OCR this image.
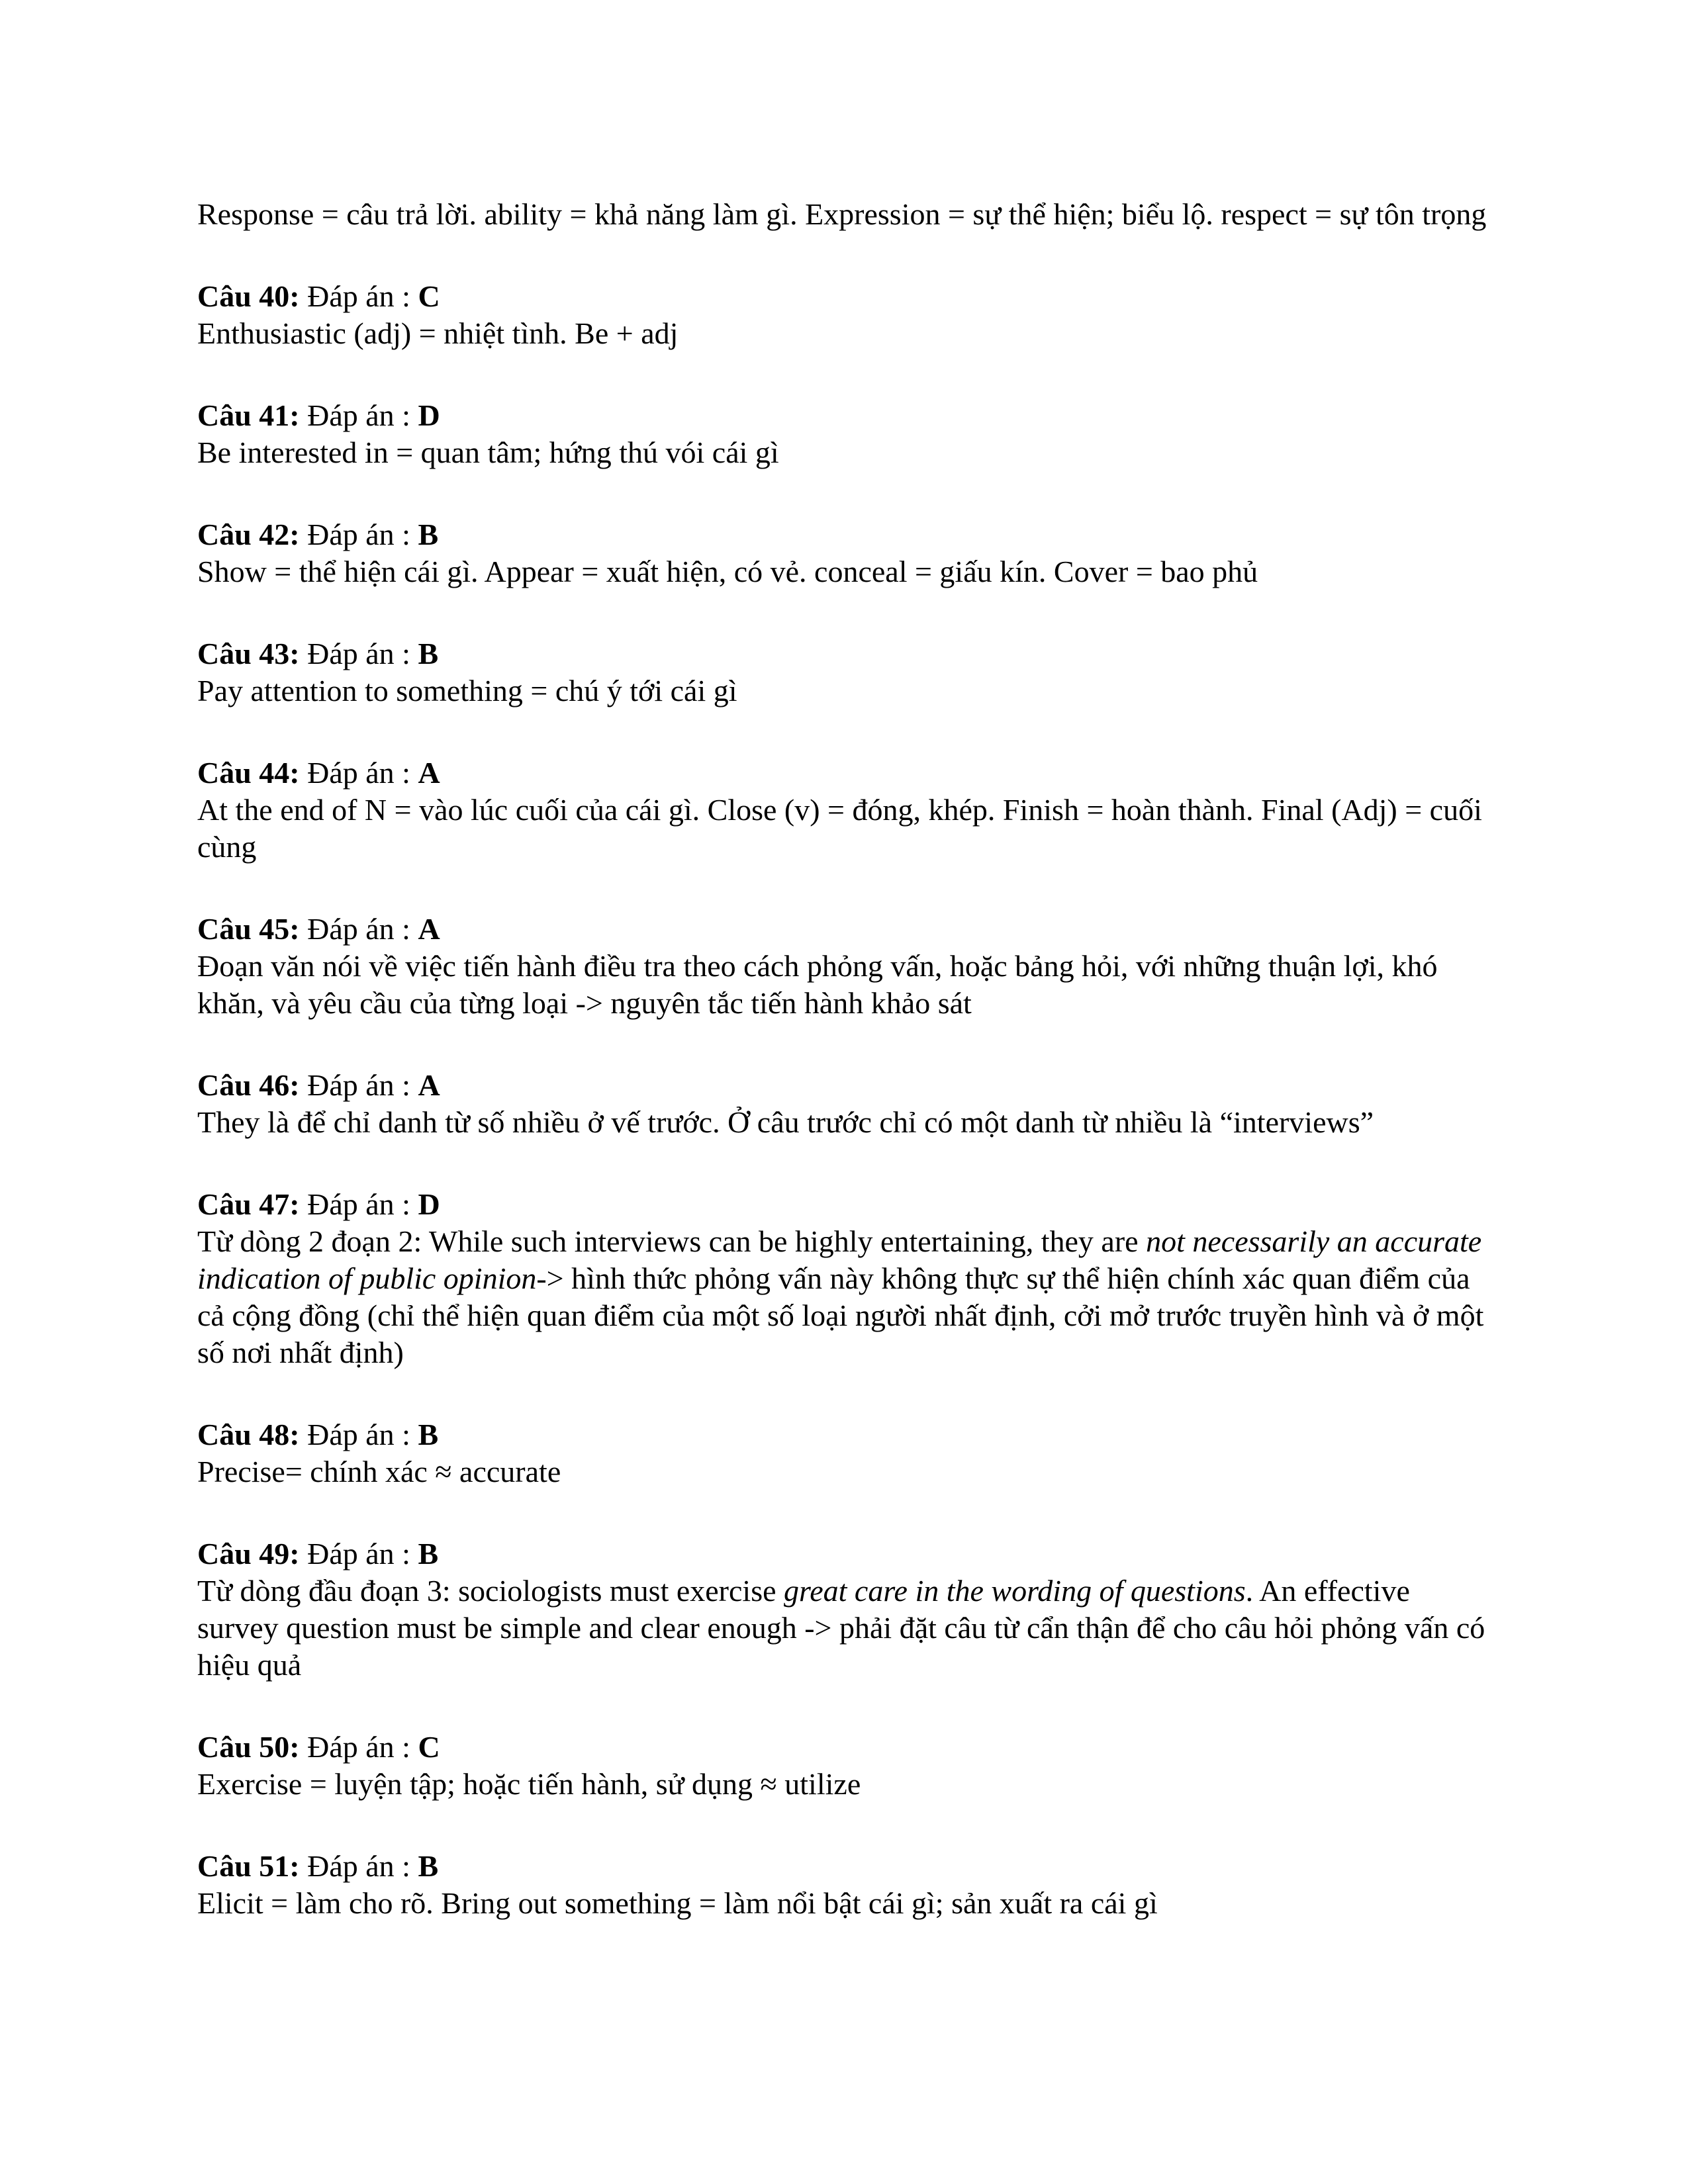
Response = câu trả lời. ability = khả năng làm gì. Expression = sự thể hiện; biểu lộ. respect = sự tôn trọng

Câu 40: Đáp án : C

Enthusiastic (adj) = nhiệt tình. Be + adj

Câu 41: Đáp án : D

Be interested in = quan tâm; hứng thú vói cái gì

Câu 42: Đáp án : B

Show = thể hiện cái gì. Appear = xuất hiện, có vẻ. conceal = giấu kín. Cover = bao phủ

Câu 43: Đáp án : B

Pay attention to something = chú ý tới cái gì

Câu 44: Đáp án : A

At the end of N = vào lúc cuối của cái gì. Close (v) = đóng, khép. Finish = hoàn thành. Final (Adj) = cuối cùng

Câu 45: Đáp án : A

Đoạn văn nói về việc tiến hành điều tra theo cách phỏng vấn, hoặc bảng hỏi, với những thuận lợi, khó khăn, và yêu cầu của từng loại -> nguyên tắc tiến hành khảo sát

Câu 46: Đáp án : A

They là để chỉ danh từ số nhiều ở vế trước. Ở câu trước chỉ có một danh từ nhiều là “interviews”

Câu 47: Đáp án : D

Từ dòng 2 đoạn 2: While such interviews can be highly entertaining, they are not necessarily an accurate indication of public opinion-> hình thức phỏng vấn này không thực sự thể hiện chính xác quan điểm của cả cộng đồng (chỉ thể hiện quan điểm của một số loại người nhất định, cởi mở trước truyền hình và ở một số nơi nhất định)

Câu 48: Đáp án : B

Precise= chính xác ≈ accurate

Câu 49: Đáp án : B

Từ dòng đầu đoạn 3: sociologists must exercise great care in the wording of questions. An effective survey question must be simple and clear enough -> phải đặt câu từ cẩn thận để cho câu hỏi phỏng vấn có hiệu quả

Câu 50: Đáp án : C

Exercise = luyện tập; hoặc tiến hành, sử dụng ≈ utilize

Câu 51: Đáp án : B

Elicit = làm cho rõ. Bring out something = làm nổi bật cái gì; sản xuất ra cái gì
